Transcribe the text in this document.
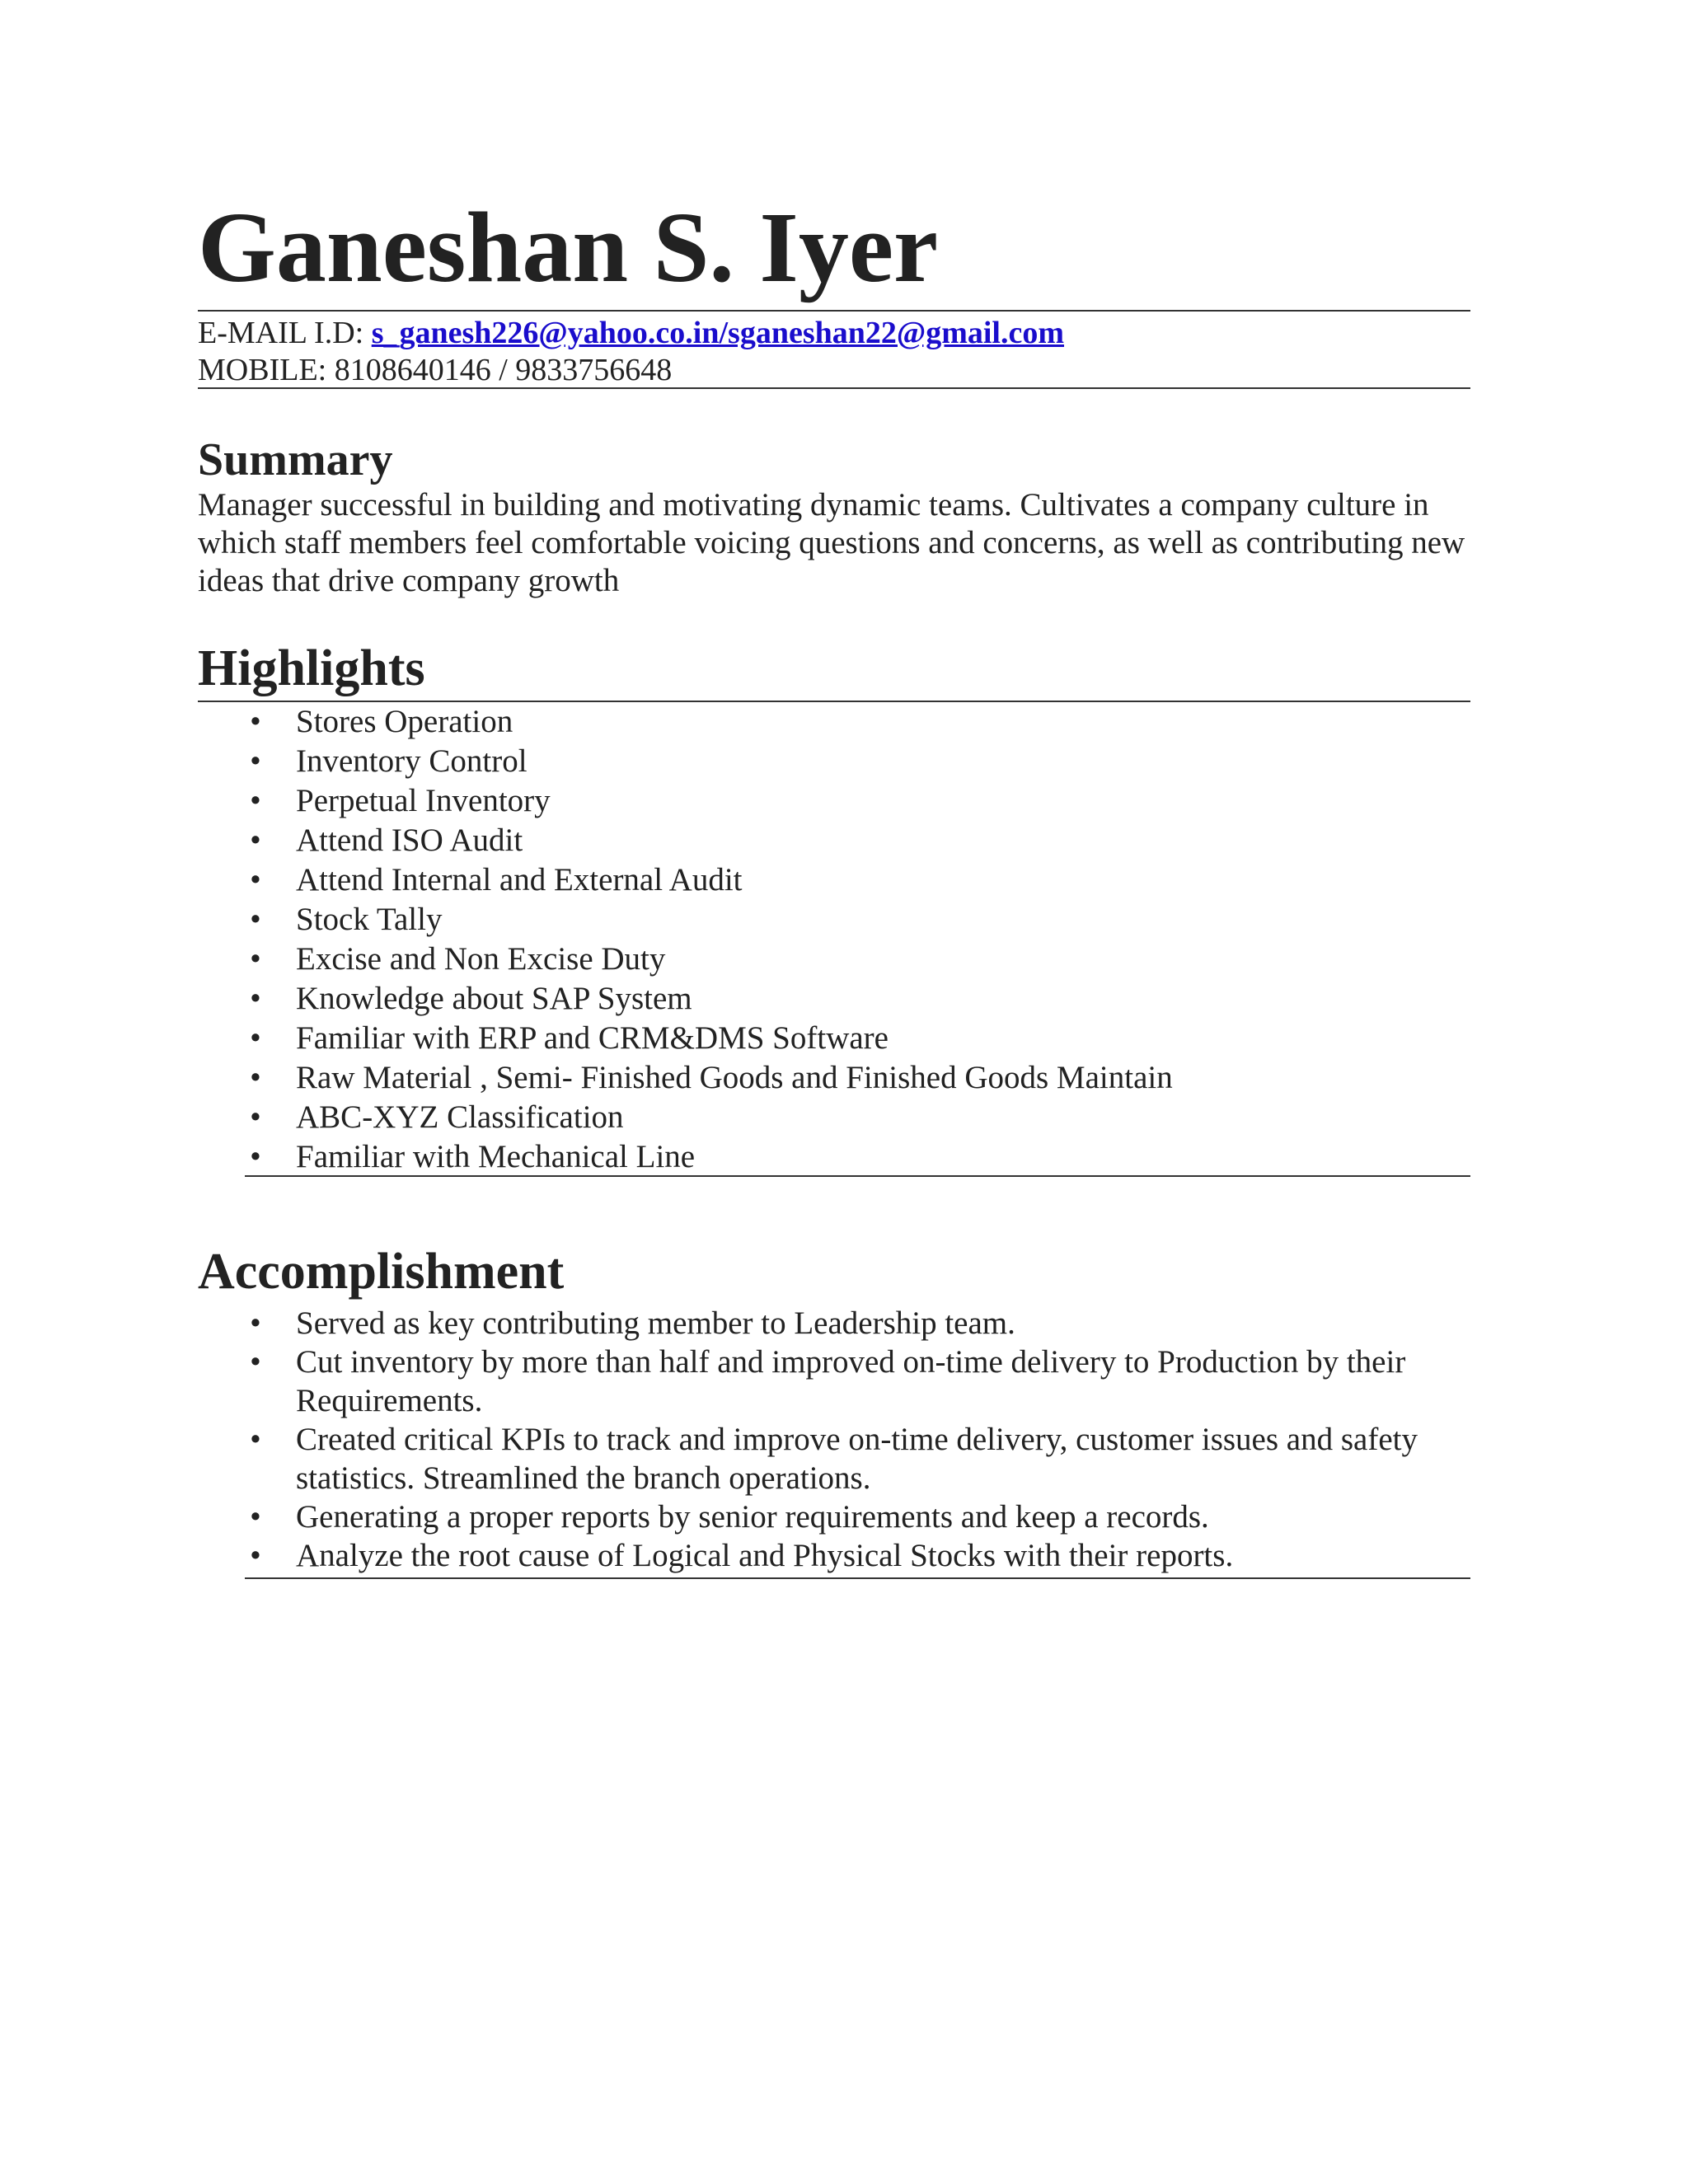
Ganeshan S. Iyer
E-MAIL I.D: s_ganesh226@yahoo.co.in/sganeshan22@gmail.com
MOBILE: 8108640146 / 9833756648
Summary

Manager successful in building and motivating dynamic teams. Cultivates a company culture in which staff members feel comfortable voicing questions and concerns, as well as contributing new ideas that drive company growth

Highlights
• Stores Operation
• Inventory Control
• Perpetual Inventory
• Attend ISO Audit
• Attend Internal and External Audit
• Stock Tally
• Excise and Non Excise Duty
• Knowledge about SAP System
• Familiar with ERP and CRM&DMS Software
• Raw Material , Semi- Finished Goods and Finished Goods Maintain
• ABC-XYZ Classification
• Familiar with Mechanical Line
Accomplishment
• Served as key contributing member to Leadership team.
• Cut inventory by more than half and improved on-time delivery to Production by their Requirements.
• Created critical KPIs to track and improve on-time delivery, customer issues and safety statistics. Streamlined the branch operations.
• Generating a proper reports by senior requirements and keep a records.
• Analyze the root cause of Logical and Physical Stocks with their reports.
